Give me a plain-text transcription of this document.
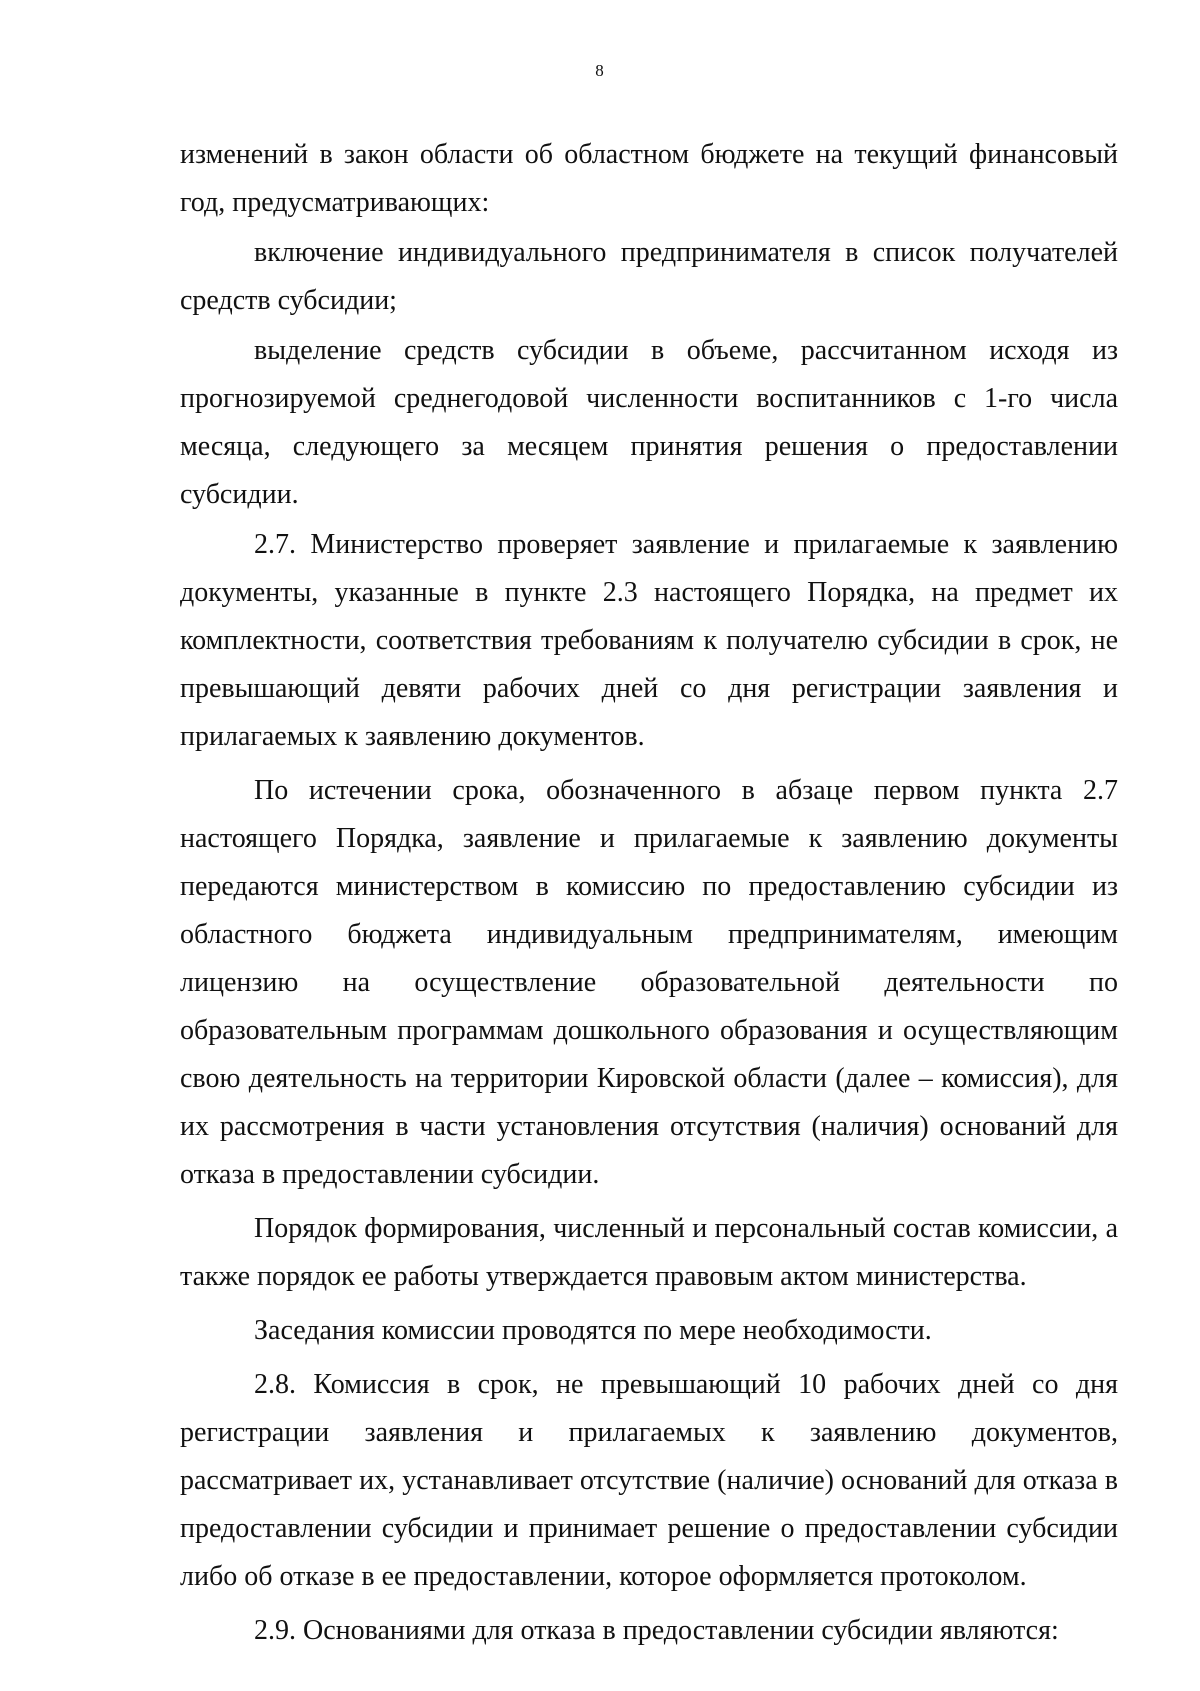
8

изменений в закон области об областном бюджете на текущий финансовый год, предусматривающих:

включение индивидуального предпринимателя в список получателей средств субсидии;

выделение средств субсидии в объеме, рассчитанном исходя из прогнозируемой среднегодовой численности воспитанников с 1-го числа месяца, следующего за месяцем принятия решения о предоставлении субсидии.

2.7. Министерство проверяет заявление и прилагаемые к заявлению документы, указанные в пункте 2.3 настоящего Порядка, на предмет их комплектности, соответствия требованиям к получателю субсидии в срок, не превышающий девяти рабочих дней со дня регистрации заявления и прилагаемых к заявлению документов.

По истечении срока, обозначенного в абзаце первом пункта 2.7 настоящего Порядка, заявление и прилагаемые к заявлению документы передаются министерством в комиссию по предоставлению субсидии из областного бюджета индивидуальным предпринимателям, имеющим лицензию на осуществление образовательной деятельности по образовательным программам дошкольного образования и осуществляющим свою деятельность на территории Кировской области (далее – комиссия), для их рассмотрения в части установления отсутствия (наличия) оснований для отказа в предоставлении субсидии.

Порядок формирования, численный и персональный состав комиссии, а также порядок ее работы утверждается правовым актом министерства.

Заседания комиссии проводятся по мере необходимости.

2.8. Комиссия в срок, не превышающий 10 рабочих дней со дня регистрации заявления и прилагаемых к заявлению документов, рассматривает их, устанавливает отсутствие (наличие) оснований для отказа в предоставлении субсидии и принимает решение о предоставлении субсидии либо об отказе в ее предоставлении, которое оформляется протоколом.

2.9. Основаниями для отказа в предоставлении субсидии являются:
